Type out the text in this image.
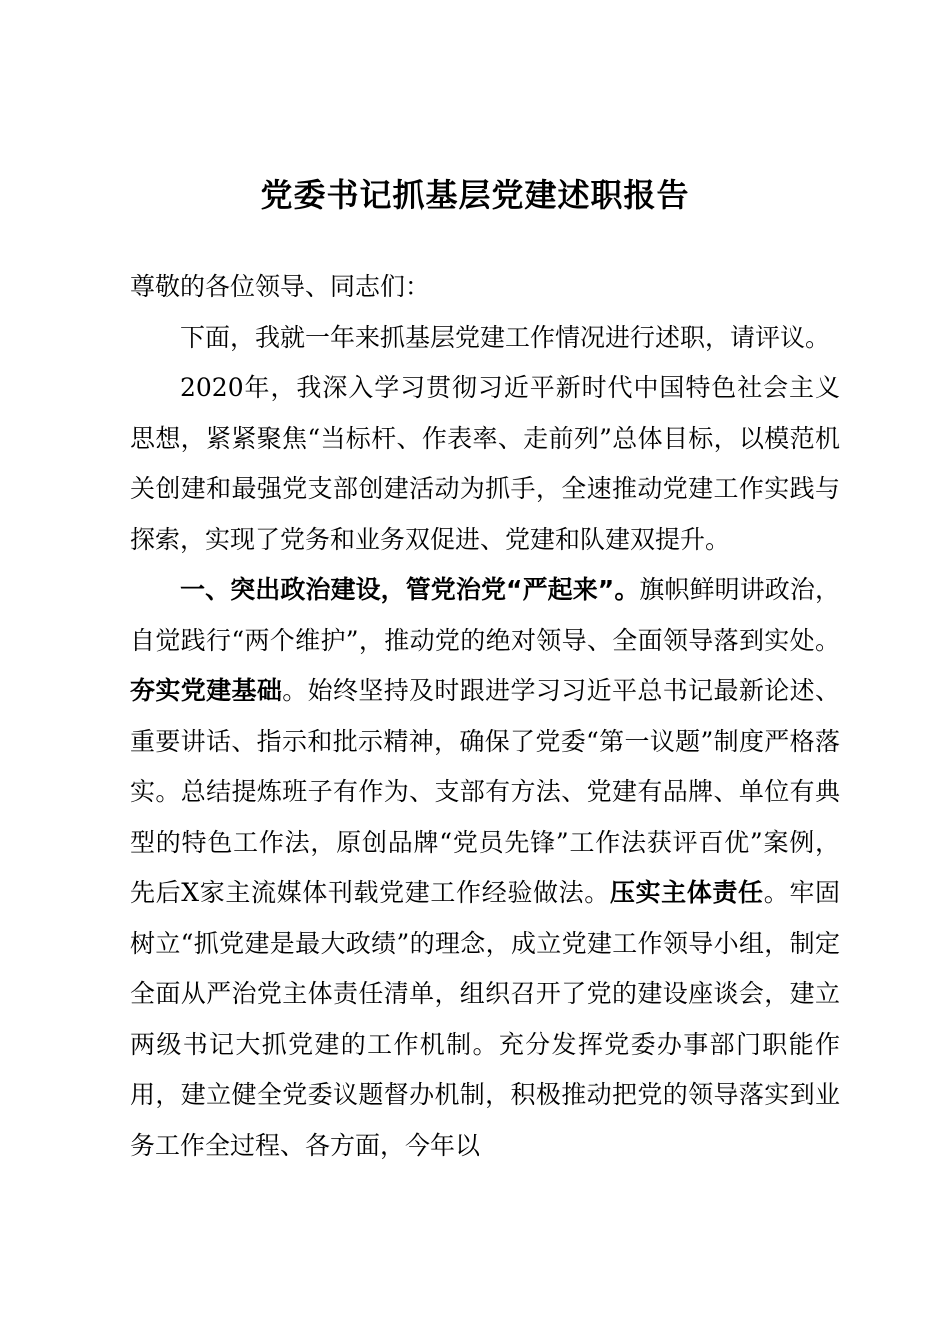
党委书记抓基层党建述职报告

尊敬的各位领导、同志们：

下面，我就一年来抓基层党建工作情况进行述职，请评议。

2020年，我深入学习贯彻习近平新时代中国特色社会主义思想，紧紧聚焦“当标杆、作表率、走前列”总体目标，以模范机关创建和最强党支部创建活动为抓手，全速推动党建工作实践与探索，实现了党务和业务双促进、党建和队建双提升。

一、突出政治建设，管党治党“严起来”。旗帜鲜明讲政治，自觉践行“两个维护”，推动党的绝对领导、全面领导落到实处。夯实党建基础。始终坚持及时跟进学习习近平总书记最新论述、重要讲话、指示和批示精神，确保了党委“第一议题”制度严格落实。总结提炼班子有作为、支部有方法、党建有品牌、单位有典型的特色工作法，原创品牌“党员先锋”工作法获评百优”案例，先后X家主流媒体刊载党建工作经验做法。压实主体责任。牢固树立“抓党建是最大政绩”的理念，成立党建工作领导小组，制定全面从严治党主体责任清单，组织召开了党的建设座谈会，建立两级书记大抓党建的工作机制。充分发挥党委办事部门职能作用，建立健全党委议题督办机制，积极推动把党的领导落实到业务工作全过程、各方面，今年以
